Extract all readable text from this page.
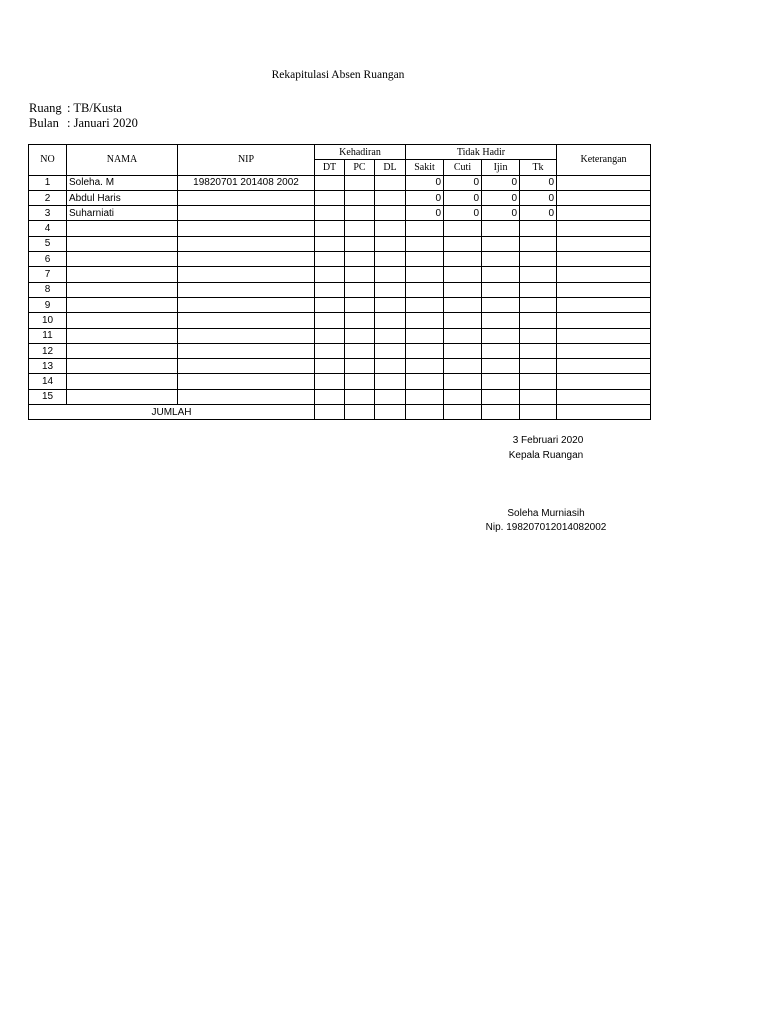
Rekapitulasi Absen Ruangan
Ruang : TB/Kusta
Bulan : Januari 2020
NO	NAMA	NIP	Kehadiran			Tidak Hadir				Keterangan
			DT	PC	DL	Sakit	Cuti	Ijin	Tk	
1	Soleha. M	19820701 201408 2002				0	0	0	0	
2	Abdul Haris					0	0	0	0	
3	Suharniati					0	0	0	0	
4										
5										
6										
7										
8										
9										
10										
11										
12										
13										
14										
15										
JUMLAH										
3 Februari 2020
Kepala Ruangan
Soleha Murniasih
Nip. 198207012014082002
